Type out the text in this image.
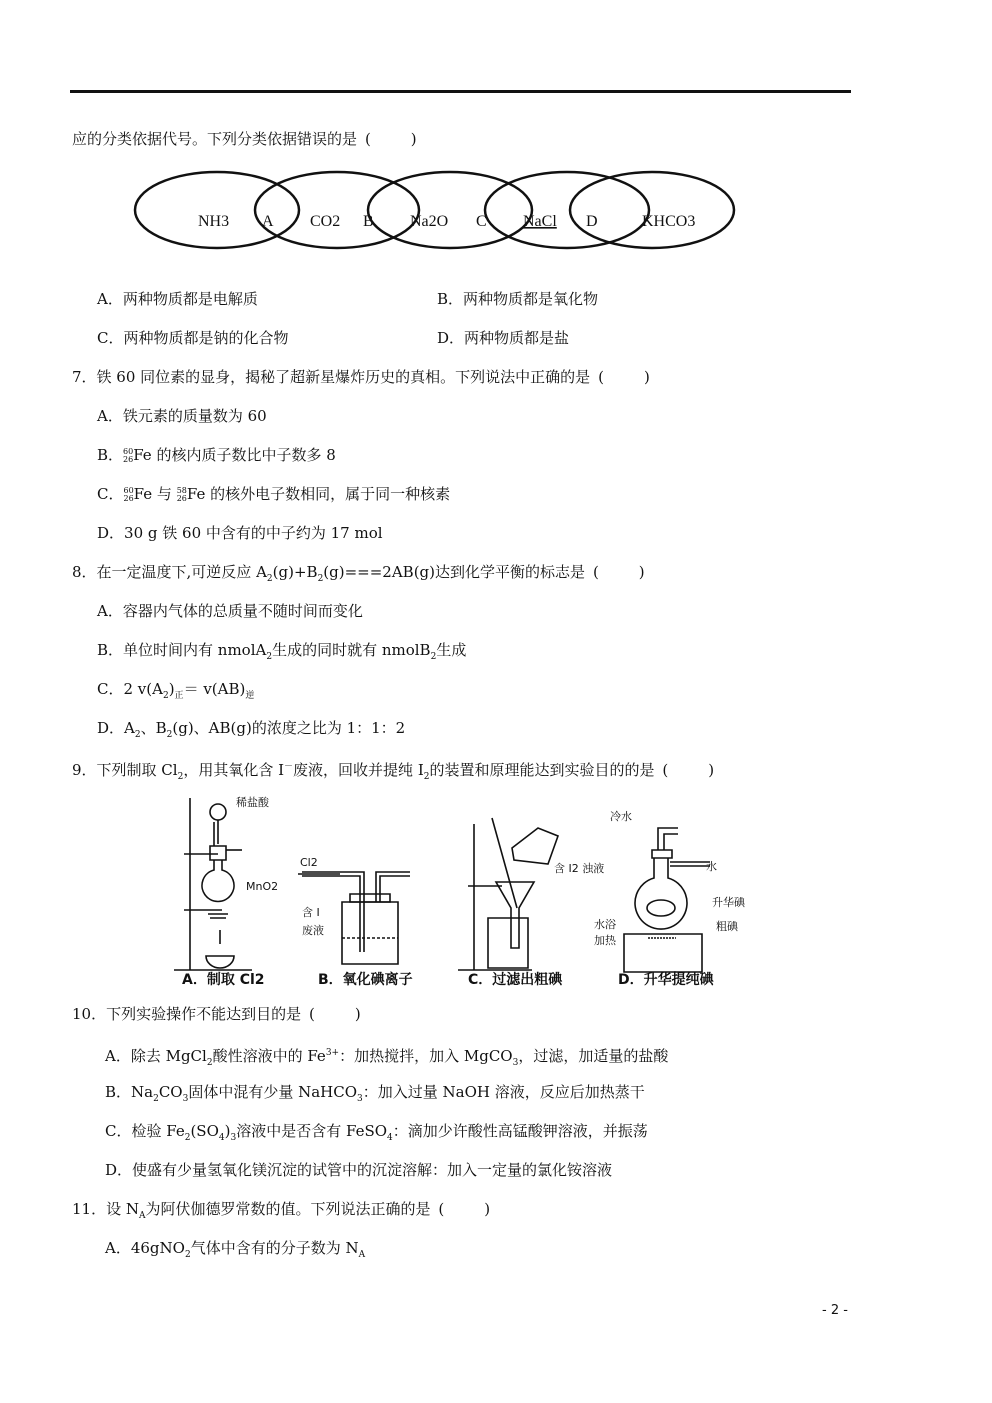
应的分类依据代号。下列分类依据错误的是 (	)
NH3 A CO2 B Na2O C NaCl D	KHCO3
A．两种物质都是电解质	B．两种物质都是氧化物
C．两种物质都是钠的化合物	D．两种物质都是盐
7．铁 60 同位素的显身，揭秘了超新星爆炸历史的真相。下列说法中正确的是 (	)
A．铁元素的质量数为 60
B． 60
26 Fe 的核内质子数比中子数多 8
C． 60
26 Fe 与 58
26 Fe 的核外电子数相同，属于同一种核素
D．30 g 铁 60 中含有的中子约为 17 mol
8．在一定温度下,可逆反应 $A_2(g)+B_2(g)===2AB(g)$达到化学平衡的标志是 (	)
A．容器内气体的总质量不随时间而变化
B．单位时间内有 nmolA$_2$生成的同时就有 nmolB$_2$生成
C．2 $v(A_2)_正= v(AB)_逆$
D．$A_2$、$B_2(g)$、AB(g)的浓度之比为 1：1：2
9．下列制取 $Cl_2$，用其氧化含 I－废液，回收并提纯 $I_2$的装置和原理能达到实验目的的是 (	)
稀盐酸
MnO2
Cl2
含 I
废液
含 I2 浊液
冷水
水
升华碘
粗碘
水浴
加热
A．制取 Cl2	B．氧化碘离子	C．过滤出粗碘	D．升华提纯碘
10．下列实验操作不能达到目的是 (	)
A．除去 MgCl$_2$酸性溶液中的 $Fe^{3+}$：加热搅拌，加入 MgCO$_3$，过滤，加适量的盐酸
B．$Na_2CO_3$固体中混有少量 NaHCO$_3$：加入过量 NaOH 溶液，反应后加热蒸干
C．检验 $Fe_2(SO_4)_3$溶液中是否含有 FeSO$_4$：滴加少许酸性高锰酸钾溶液，并振荡
D．使盛有少量氢氧化镁沉淀的试管中的沉淀溶解：加入一定量的氯化铵溶液
11．设 $N_A$为阿伏伽德罗常数的值。下列说法正确的是 (	)
A．46gNO$_2$气体中含有的分子数为 $N_A$
- 2 -
